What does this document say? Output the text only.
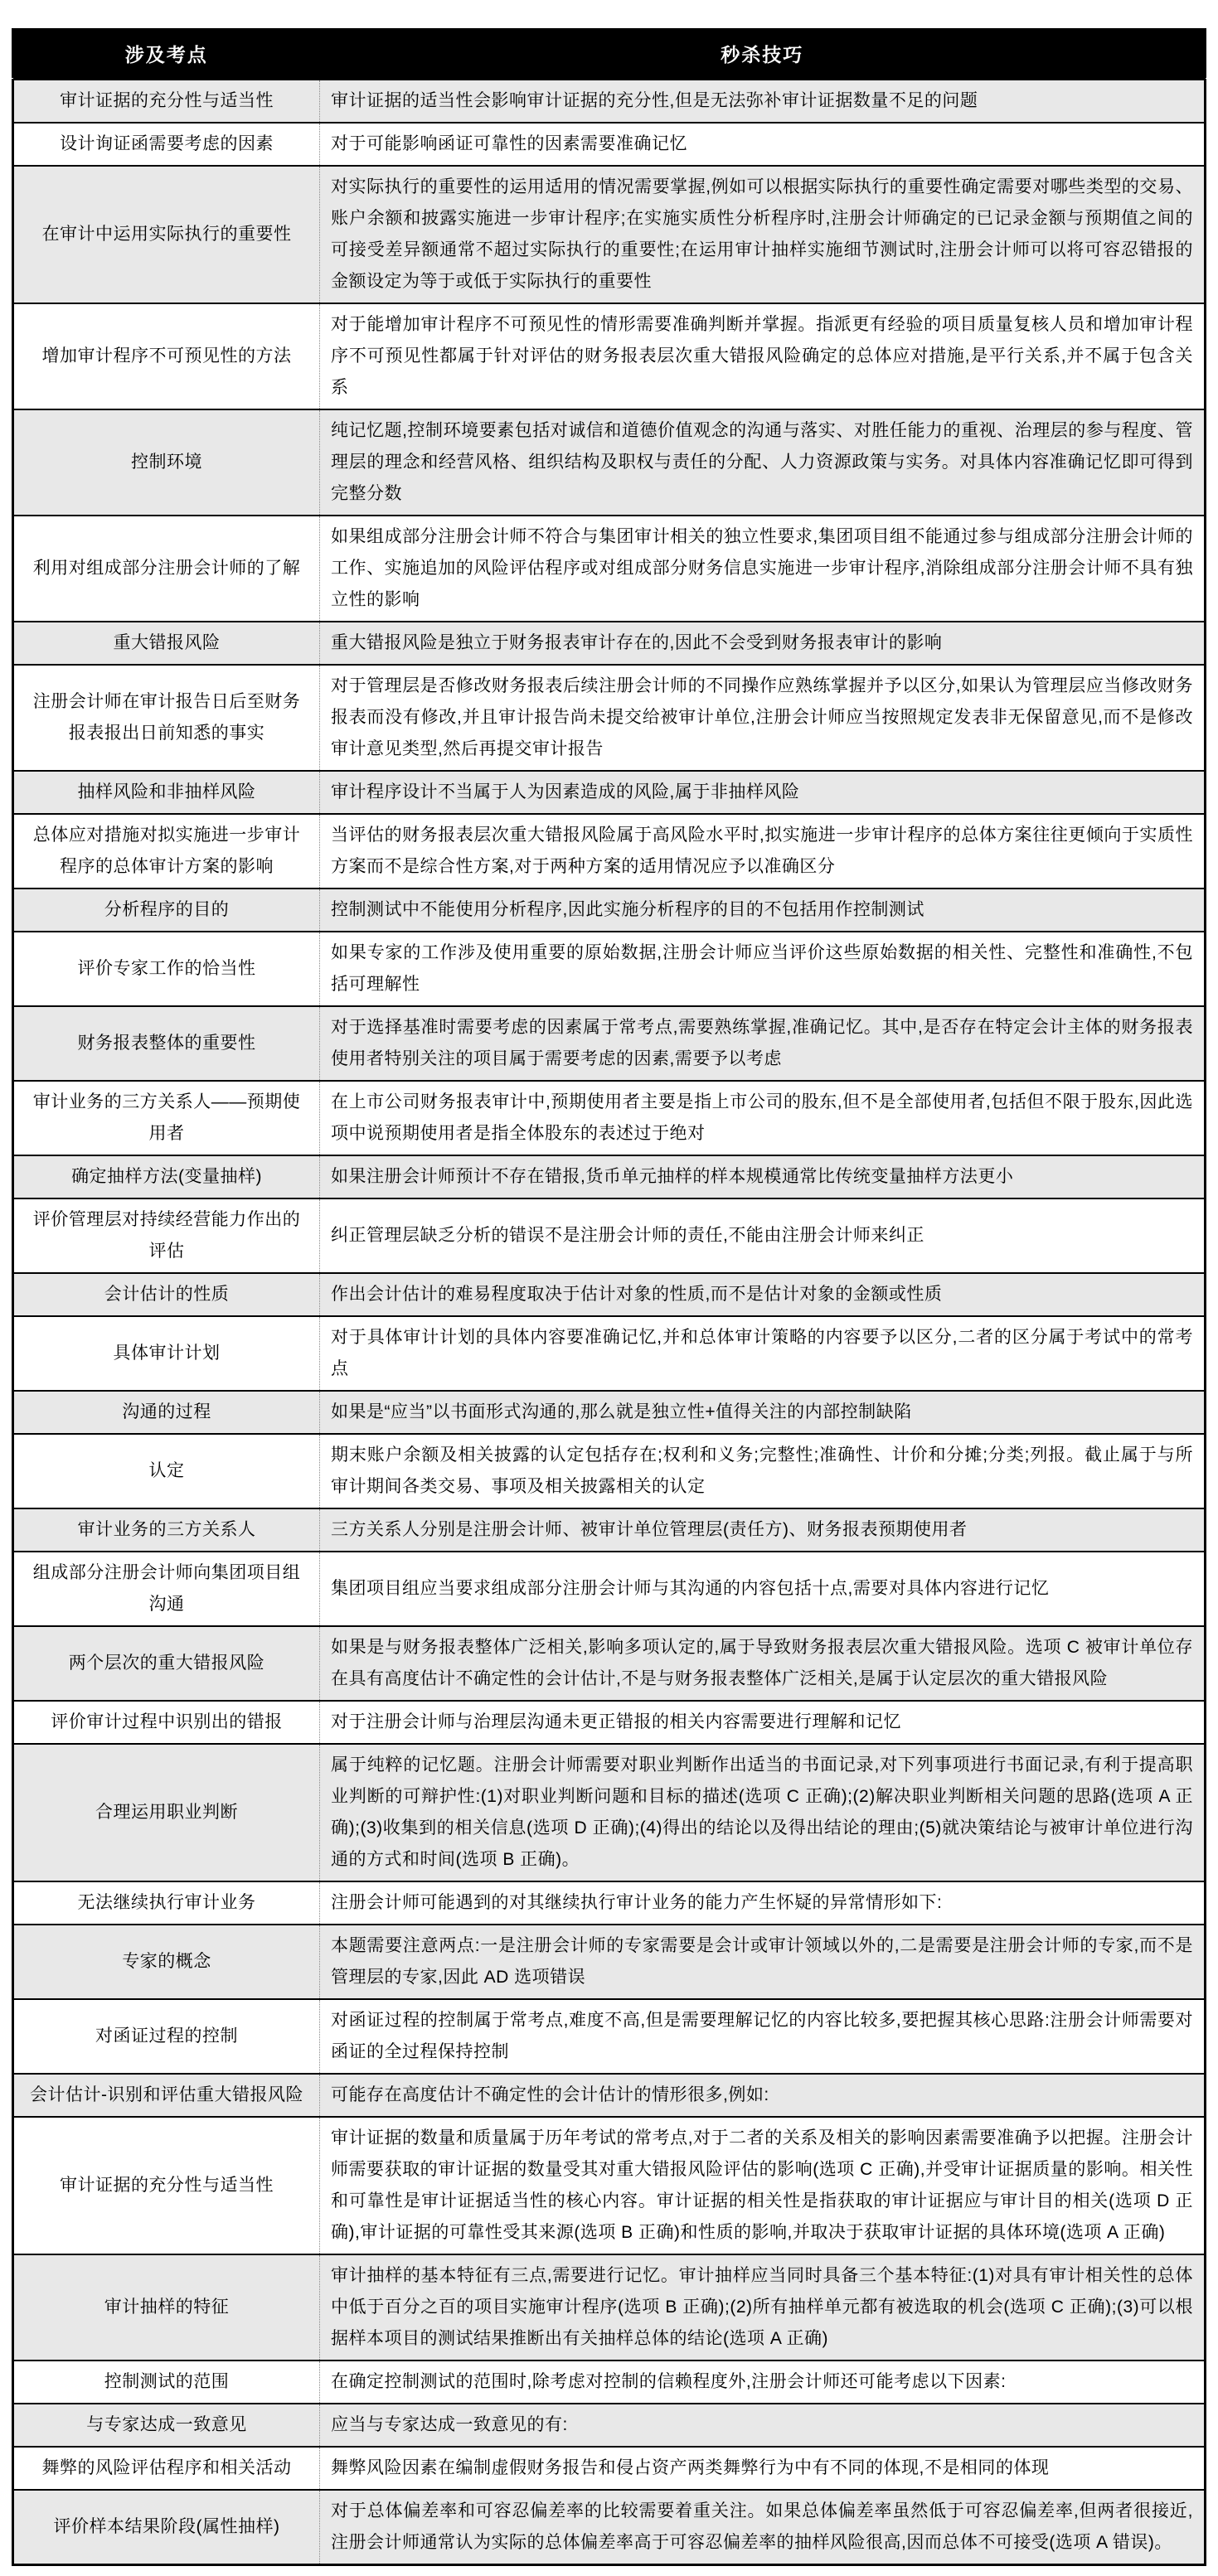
涉及考点	秒杀技巧
审计证据的充分性与适当性	审计证据的适当性会影响审计证据的充分性,但是无法弥补审计证据数量不足的问题
设计询证函需要考虑的因素	对于可能影响函证可靠性的因素需要准确记忆
在审计中运用实际执行的重要性	对实际执行的重要性的运用适用的情况需要掌握,例如可以根据实际执行的重要性确定需要对哪些类型的交易、账户余额和披露实施进一步审计程序;在实施实质性分析程序时,注册会计师确定的已记录金额与预期值之间的可接受差异额通常不超过实际执行的重要性;在运用审计抽样实施细节测试时,注册会计师可以将可容忍错报的金额设定为等于或低于实际执行的重要性
增加审计程序不可预见性的方法	对于能增加审计程序不可预见性的情形需要准确判断并掌握。指派更有经验的项目质量复核人员和增加审计程序不可预见性都属于针对评估的财务报表层次重大错报风险确定的总体应对措施,是平行关系,并不属于包含关系
控制环境	纯记忆题,控制环境要素包括对诚信和道德价值观念的沟通与落实、对胜任能力的重视、治理层的参与程度、管理层的理念和经营风格、组织结构及职权与责任的分配、人力资源政策与实务。对具体内容准确记忆即可得到完整分数
利用对组成部分注册会计师的了解	如果组成部分注册会计师不符合与集团审计相关的独立性要求,集团项目组不能通过参与组成部分注册会计师的工作、实施追加的风险评估程序或对组成部分财务信息实施进一步审计程序,消除组成部分注册会计师不具有独立性的影响
重大错报风险	重大错报风险是独立于财务报表审计存在的,因此不会受到财务报表审计的影响
注册会计师在审计报告日后至财务报表报出日前知悉的事实	对于管理层是否修改财务报表后续注册会计师的不同操作应熟练掌握并予以区分,如果认为管理层应当修改财务报表而没有修改,并且审计报告尚未提交给被审计单位,注册会计师应当按照规定发表非无保留意见,而不是修改审计意见类型,然后再提交审计报告
抽样风险和非抽样风险	审计程序设计不当属于人为因素造成的风险,属于非抽样风险
总体应对措施对拟实施进一步审计程序的总体审计方案的影响	当评估的财务报表层次重大错报风险属于高风险水平时,拟实施进一步审计程序的总体方案往往更倾向于实质性方案而不是综合性方案,对于两种方案的适用情况应予以准确区分
分析程序的目的	控制测试中不能使用分析程序,因此实施分析程序的目的不包括用作控制测试
评价专家工作的恰当性	如果专家的工作涉及使用重要的原始数据,注册会计师应当评价这些原始数据的相关性、完整性和准确性,不包括可理解性
财务报表整体的重要性	对于选择基准时需要考虑的因素属于常考点,需要熟练掌握,准确记忆。其中,是否存在特定会计主体的财务报表使用者特别关注的项目属于需要考虑的因素,需要予以考虑
审计业务的三方关系人——预期使用者	在上市公司财务报表审计中,预期使用者主要是指上市公司的股东,但不是全部使用者,包括但不限于股东,因此选项中说预期使用者是指全体股东的表述过于绝对
确定抽样方法(变量抽样)	如果注册会计师预计不存在错报,货币单元抽样的样本规模通常比传统变量抽样方法更小
评价管理层对持续经营能力作出的评估	纠正管理层缺乏分析的错误不是注册会计师的责任,不能由注册会计师来纠正
会计估计的性质	作出会计估计的难易程度取决于估计对象的性质,而不是估计对象的金额或性质
具体审计计划	对于具体审计计划的具体内容要准确记忆,并和总体审计策略的内容要予以区分,二者的区分属于考试中的常考点
沟通的过程	如果是“应当”以书面形式沟通的,那么就是独立性+值得关注的内部控制缺陷
认定	期末账户余额及相关披露的认定包括存在;权利和义务;完整性;准确性、计价和分摊;分类;列报。截止属于与所审计期间各类交易、事项及相关披露相关的认定
审计业务的三方关系人	三方关系人分别是注册会计师、被审计单位管理层(责任方)、财务报表预期使用者
组成部分注册会计师向集团项目组沟通	集团项目组应当要求组成部分注册会计师与其沟通的内容包括十点,需要对具体内容进行记忆
两个层次的重大错报风险	如果是与财务报表整体广泛相关,影响多项认定的,属于导致财务报表层次重大错报风险。选项 C 被审计单位存在具有高度估计不确定性的会计估计,不是与财务报表整体广泛相关,是属于认定层次的重大错报风险
评价审计过程中识别出的错报	对于注册会计师与治理层沟通未更正错报的相关内容需要进行理解和记忆
合理运用职业判断	属于纯粹的记忆题。注册会计师需要对职业判断作出适当的书面记录,对下列事项进行书面记录,有利于提高职业判断的可辩护性:(1)对职业判断问题和目标的描述(选项 C 正确);(2)解决职业判断相关问题的思路(选项 A 正确);(3)收集到的相关信息(选项 D 正确);(4)得出的结论以及得出结论的理由;(5)就决策结论与被审计单位进行沟通的方式和时间(选项 B 正确)。
无法继续执行审计业务	注册会计师可能遇到的对其继续执行审计业务的能力产生怀疑的异常情形如下:
专家的概念	本题需要注意两点:一是注册会计师的专家需要是会计或审计领域以外的,二是需要是注册会计师的专家,而不是管理层的专家,因此 AD 选项错误
对函证过程的控制	对函证过程的控制属于常考点,难度不高,但是需要理解记忆的内容比较多,要把握其核心思路:注册会计师需要对函证的全过程保持控制
会计估计-识别和评估重大错报风险	可能存在高度估计不确定性的会计估计的情形很多,例如:
审计证据的充分性与适当性	审计证据的数量和质量属于历年考试的常考点,对于二者的关系及相关的影响因素需要准确予以把握。注册会计师需要获取的审计证据的数量受其对重大错报风险评估的影响(选项 C 正确),并受审计证据质量的影响。相关性和可靠性是审计证据适当性的核心内容。审计证据的相关性是指获取的审计证据应与审计目的相关(选项 D 正确),审计证据的可靠性受其来源(选项 B 正确)和性质的影响,并取决于获取审计证据的具体环境(选项 A 正确)
审计抽样的特征	审计抽样的基本特征有三点,需要进行记忆。审计抽样应当同时具备三个基本特征:(1)对具有审计相关性的总体中低于百分之百的项目实施审计程序(选项 B 正确);(2)所有抽样单元都有被选取的机会(选项 C 正确);(3)可以根据样本项目的测试结果推断出有关抽样总体的结论(选项 A 正确)
控制测试的范围	在确定控制测试的范围时,除考虑对控制的信赖程度外,注册会计师还可能考虑以下因素:
与专家达成一致意见	应当与专家达成一致意见的有:
舞弊的风险评估程序和相关活动	舞弊风险因素在编制虚假财务报告和侵占资产两类舞弊行为中有不同的体现,不是相同的体现
评价样本结果阶段(属性抽样)	对于总体偏差率和可容忍偏差率的比较需要着重关注。如果总体偏差率虽然低于可容忍偏差率,但两者很接近,注册会计师通常认为实际的总体偏差率高于可容忍偏差率的抽样风险很高,因而总体不可接受(选项 A 错误)。
